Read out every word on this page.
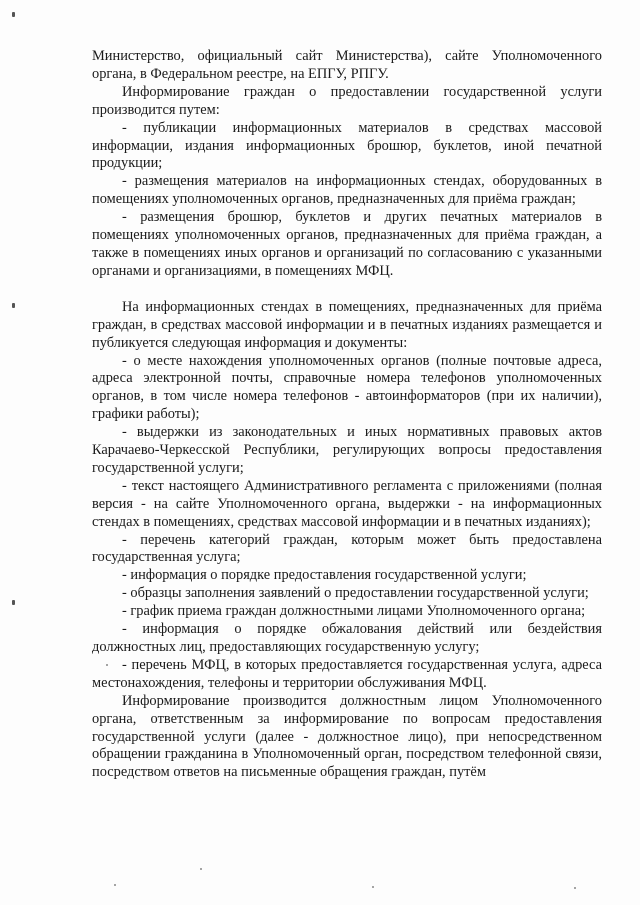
Министерство, официальный сайт Министерства), сайте Уполномоченного органа, в Федеральном реестре, на ЕПГУ, РПГУ.

Информирование граждан о предоставлении государственной услуги производится путем:

- публикации информационных материалов в средствах массовой информации, издания информационных брошюр, буклетов, иной печатной продукции;

- размещения материалов на информационных стендах, оборудованных в помещениях уполномоченных органов, предназначенных для приёма граждан;

- размещения брошюр, буклетов и других печатных материалов в помещениях уполномоченных органов, предназначенных для приёма граждан, а также в помещениях иных органов и организаций по согласованию с указанными органами и организациями, в помещениях МФЦ.

На информационных стендах в помещениях, предназначенных для приёма граждан, в средствах массовой информации и в печатных изданиях размещается и публикуется следующая информация и документы:

- о месте нахождения уполномоченных органов (полные почтовые адреса, адреса электронной почты, справочные номера телефонов уполномоченных органов, в том числе номера телефонов - автоинформаторов (при их наличии), графики работы);

- выдержки из законодательных и иных нормативных правовых актов Карачаево-Черкесской Республики, регулирующих вопросы предоставления государственной услуги;

- текст настоящего Административного регламента с приложениями (полная версия - на сайте Уполномоченного органа, выдержки - на информационных стендах в помещениях, средствах массовой информации и в печатных изданиях);

- перечень категорий граждан, которым может быть предоставлена государственная услуга;

- информация о порядке предоставления государственной услуги;

- образцы заполнения заявлений о предоставлении государственной услуги;

- график приема граждан должностными лицами Уполномоченного органа;

- информация о порядке обжалования действий или бездействия должностных лиц, предоставляющих государственную услугу;

- перечень МФЦ, в которых предоставляется государственная услуга, адреса местонахождения, телефоны и территории обслуживания МФЦ.

Информирование производится должностным лицом Уполномоченного органа, ответственным за информирование по вопросам предоставления государственной услуги (далее - должностное лицо), при непосредственном обращении гражданина в Уполномоченный орган, посредством телефонной связи, посредством ответов на письменные обращения граждан, путём
